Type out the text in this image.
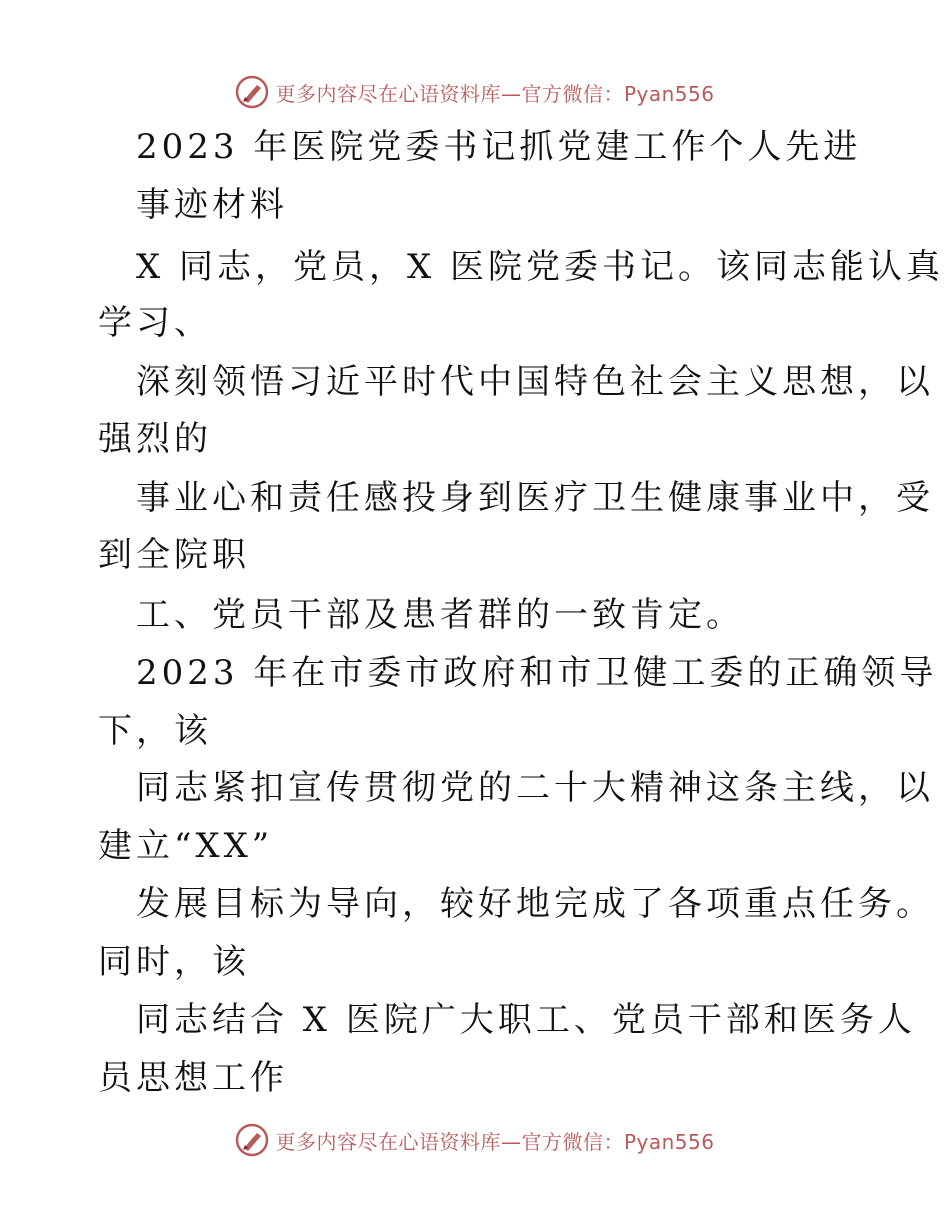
更多内容尽在心语资料库—官方微信：Pyan556
2023 年医院党委书记抓党建工作个人先进
事迹材料
X 同志，党员，X 医院党委书记。该同志能认真
学习、
深刻领悟习近平时代中国特色社会主义思想，以
强烈的
事业心和责任感投身到医疗卫生健康事业中，受
到全院职
工、党员干部及患者群的一致肯定。
2023 年在市委市政府和市卫健工委的正确领导
下，该
同志紧扣宣传贯彻党的二十大精神这条主线，以
建立“XX”
发展目标为导向，较好地完成了各项重点任务。
同时，该
同志结合 X 医院广大职工、党员干部和医务人
员思想工作
更多内容尽在心语资料库—官方微信：Pyan556
